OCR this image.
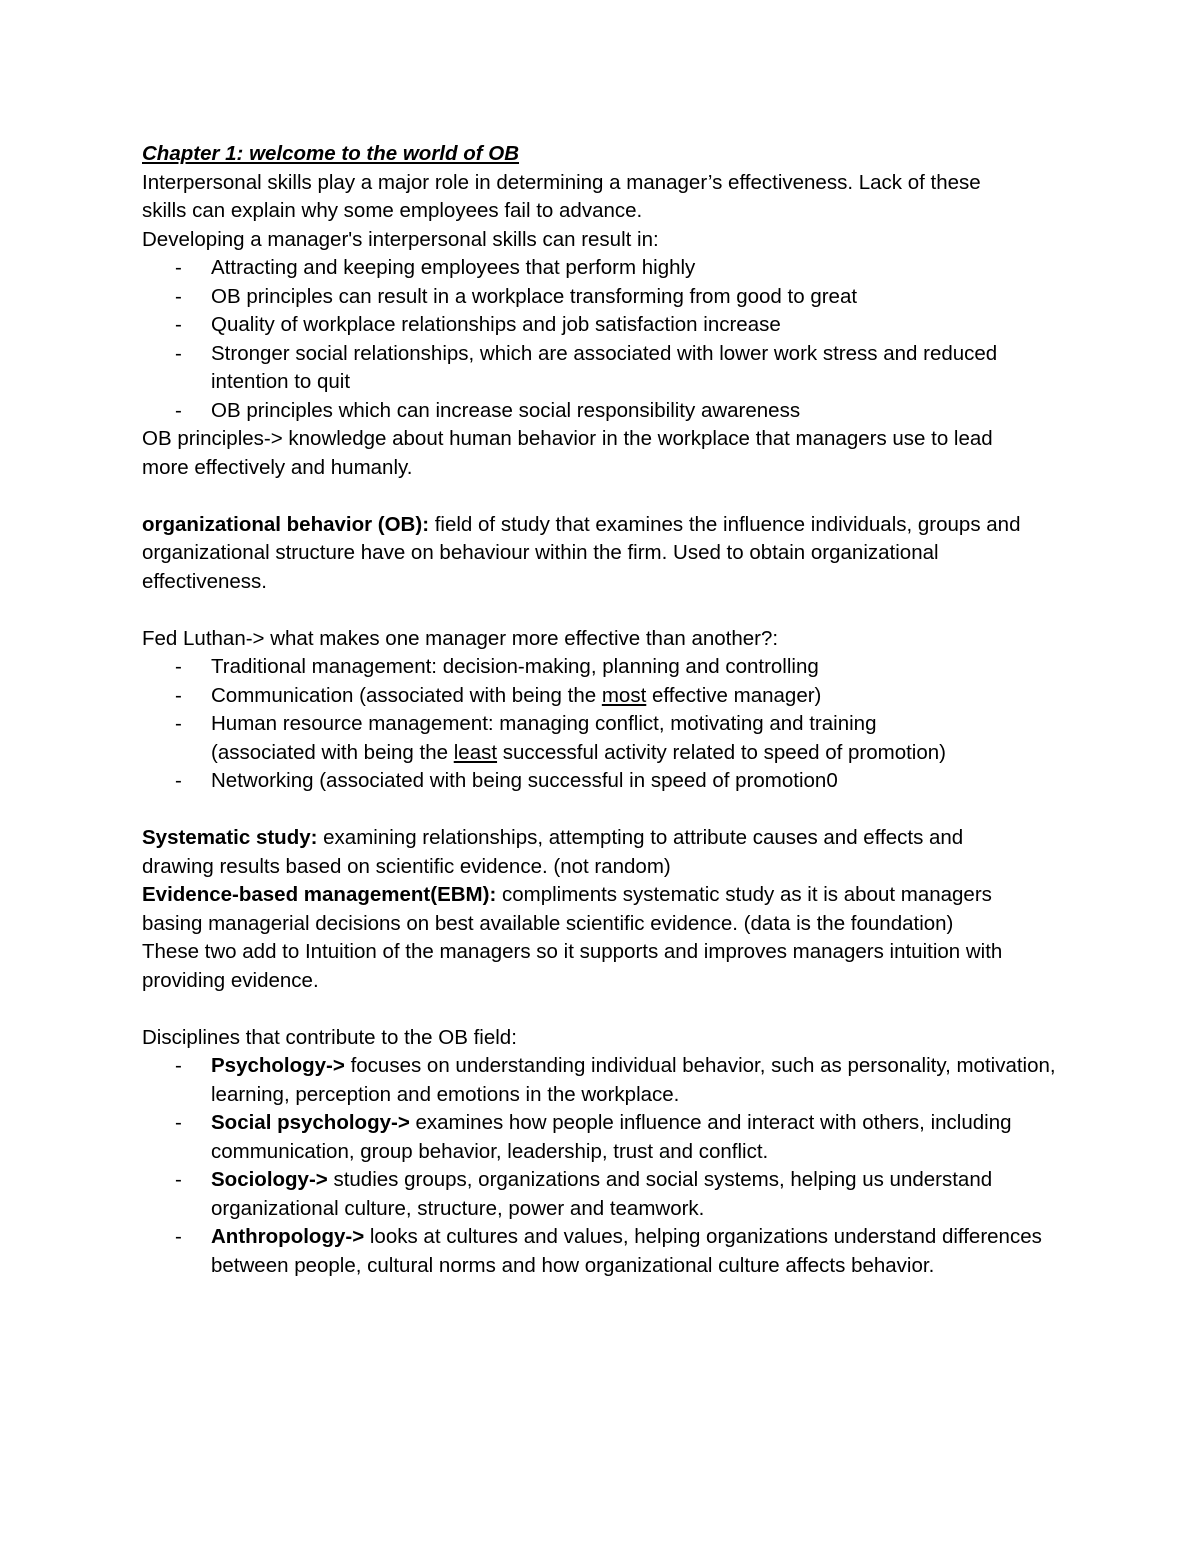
Chapter 1: welcome to the world of OB

Interpersonal skills play a major role in determining a manager’s effectiveness. Lack of these

skills can explain why some employees fail to advance.

Developing a manager's interpersonal skills can result in:

- Attracting and keeping employees that perform highly
- OB principles can result in a workplace transforming from good to great
- Quality of workplace relationships and job satisfaction increase
- Stronger social relationships, which are associated with lower work stress and reduced intention to quit
- OB principles which can increase social responsibility awareness

OB principles-> knowledge about human behavior in the workplace that managers use to lead more effectively and humanly.

organizational behavior (OB): field of study that examines the influence individuals, groups and organizational structure have on behaviour within the firm. Used to obtain organizational effectiveness.

Fed Luthan-> what makes one manager more effective than another?:

- Traditional management: decision-making, planning and controlling
- Communication (associated with being the most effective manager)
- Human resource management: managing conflict, motivating and training
(associated with being the least successful activity related to speed of promotion)
- Networking (associated with being successful in speed of promotion0

Systematic study: examining relationships, attempting to attribute causes and effects and drawing results based on scientific evidence. (not random)

Evidence-based management(EBM): compliments systematic study as it is about managers basing managerial decisions on best available scientific evidence. (data is the foundation)

These two add to Intuition of the managers so it supports and improves managers intuition with providing evidence.

Disciplines that contribute to the OB field:

- Psychology-> focuses on understanding individual behavior, such as personality, motivation, learning, perception and emotions in the workplace.
- Social psychology-> examines how people influence and interact with others, including communication, group behavior, leadership, trust and conflict.
- Sociology-> studies groups, organizations and social systems, helping us understand organizational culture, structure, power and teamwork.
- Anthropology-> looks at cultures and values, helping organizations understand differences between people, cultural norms and how organizational culture affects behavior.
